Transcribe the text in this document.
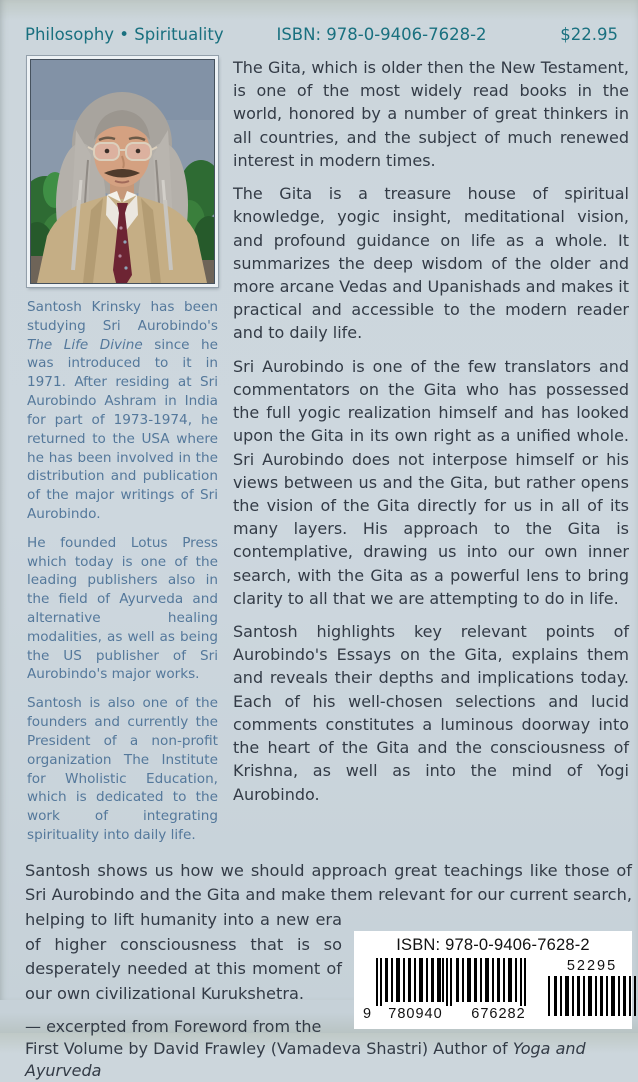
Philosophy • Spirituality	ISBN: 978-0-9406-7628-2	$22.95

Santosh Krinsky has been studying Sri Aurobindo's The Life Divine since he was introduced to it in 1971. After residing at Sri Aurobindo Ashram in India for part of 1973-1974, he returned to the USA where he has been involved in the distribution and publication of the major writings of Sri Aurobindo.

He founded Lotus Press which today is one of the leading publishers also in the field of Ayurveda and alternative healing modalities, as well as being the US publisher of Sri Aurobindo's major works.

Santosh is also one of the founders and currently the President of a non-profit organization The Institute for Wholistic Education, which is dedicated to the work of integrating spirituality into daily life.

The Gita, which is older then the New Testament, is one of the most widely read books in the world, honored by a number of great thinkers in all countries, and the subject of much renewed interest in modern times.

The Gita is a treasure house of spiritual knowledge, yogic insight, meditational vision, and profound guidance on life as a whole. It summarizes the deep wisdom of the older and more arcane Vedas and Upanishads and makes it practical and accessible to the modern reader and to daily life.

Sri Aurobindo is one of the few translators and commentators on the Gita who has possessed the full yogic realization himself and has looked upon the Gita in its own right as a unified whole. Sri Aurobindo does not interpose himself or his views between us and the Gita, but rather opens the vision of the Gita directly for us in all of its many layers. His approach to the Gita is contemplative, drawing us into our own inner search, with the Gita as a powerful lens to bring clarity to all that we are attempting to do in life.

Santosh highlights key relevant points of Aurobindo's Essays on the Gita, explains them and reveals their depths and implications today. Each of his well-chosen selections and lucid comments constitutes a luminous doorway into the heart of the Gita and the consciousness of Krishna, as well as into the mind of Yogi Aurobindo.

ISBN: 978-0-9406-7628-2
9	780940	676282
52295

Santosh shows us how we should approach great teachings like those of Sri Aurobindo and the Gita and make them relevant for our current search, helping to lift humanity into a new era of higher consciousness that is so desperately needed at this moment of our own civilizational Kurukshetra.

— excerpted from Foreword from the First Volume by David Frawley (Vamadeva Shastri) Author of Yoga and Ayurveda
